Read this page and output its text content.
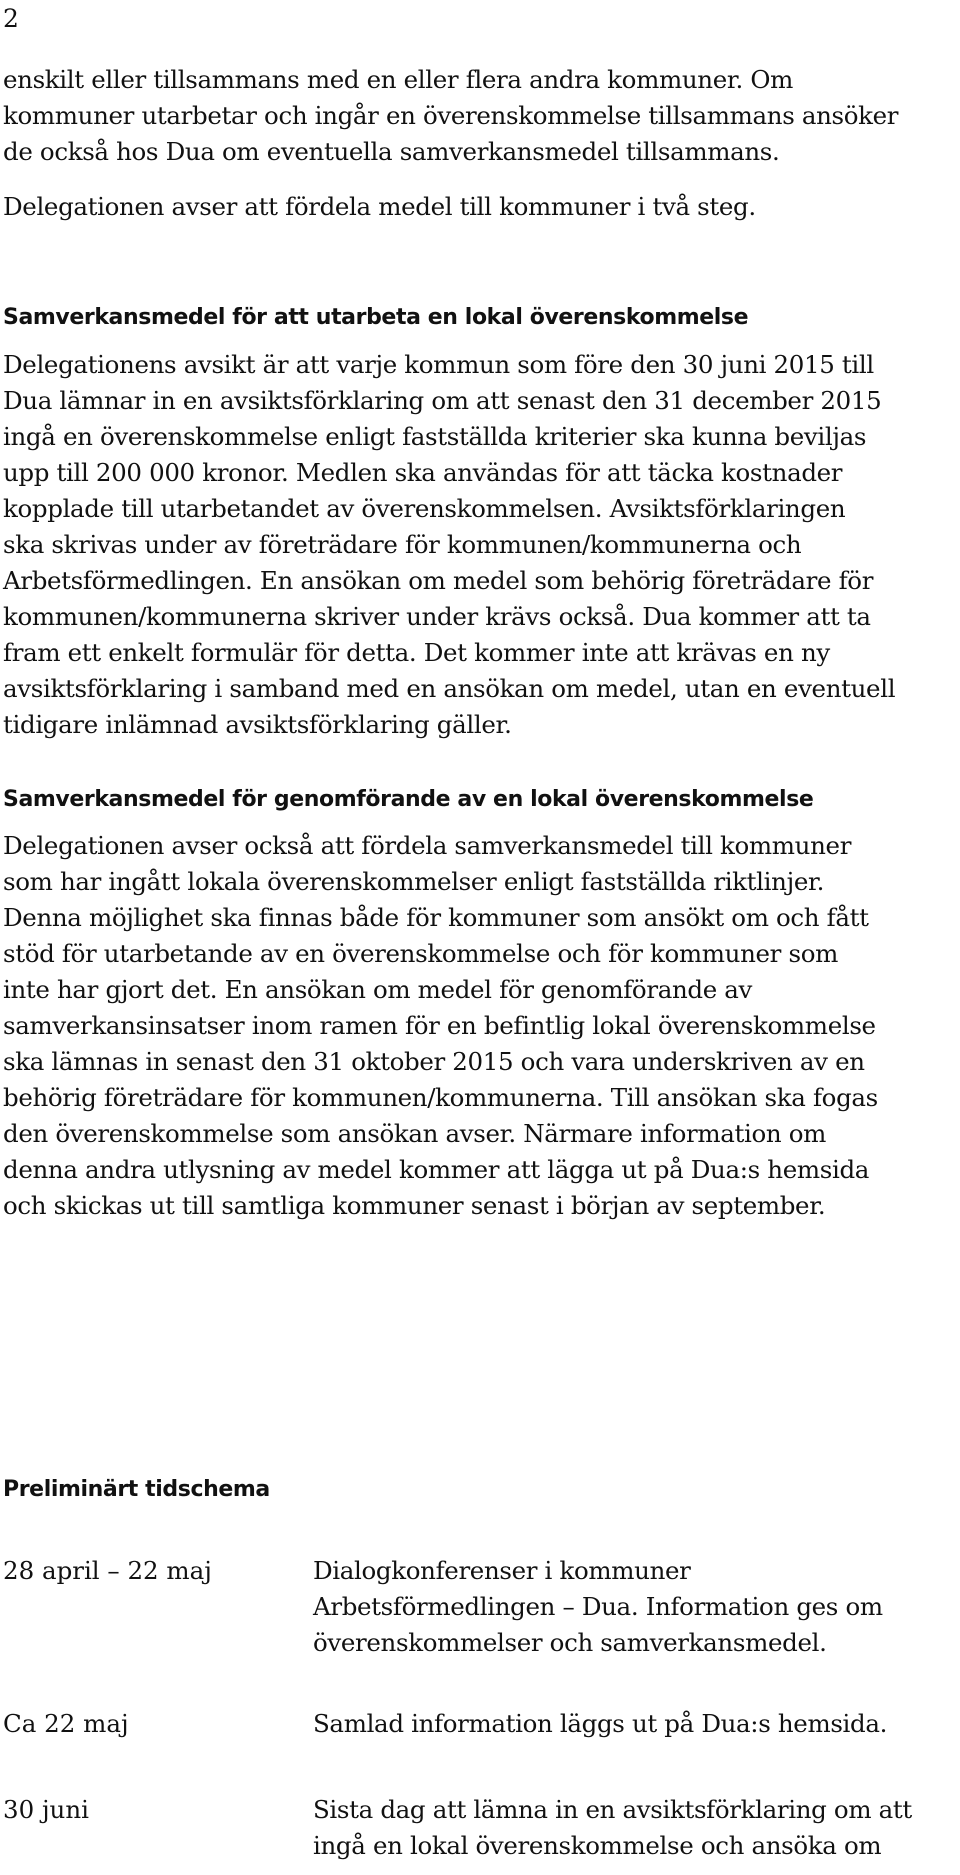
2

enskilt eller tillsammans med en eller flera andra kommuner. Om
kommuner utarbetar och ingår en överenskommelse tillsammans ansöker
de också hos Dua om eventuella samverkansmedel tillsammans.

Delegationen avser att fördela medel till kommuner i två steg.

Samverkansmedel för att utarbeta en lokal överenskommelse

Delegationens avsikt är att varje kommun som före den 30 juni 2015 till
Dua lämnar in en avsiktsförklaring om att senast den 31 december 2015
ingå en överenskommelse enligt fastställda kriterier ska kunna beviljas
upp till 200 000 kronor. Medlen ska användas för att täcka kostnader
kopplade till utarbetandet av överenskommelsen. Avsiktsförklaringen
ska skrivas under av företrädare för kommunen/kommunerna och
Arbetsförmedlingen. En ansökan om medel som behörig företrädare för
kommunen/kommunerna skriver under krävs också. Dua kommer att ta
fram ett enkelt formulär för detta. Det kommer inte att krävas en ny
avsiktsförklaring i samband med en ansökan om medel, utan en eventuell
tidigare inlämnad avsiktsförklaring gäller.

Samverkansmedel för genomförande av en lokal överenskommelse

Delegationen avser också att fördela samverkansmedel till kommuner
som har ingått lokala överenskommelser enligt fastställda riktlinjer.
Denna möjlighet ska finnas både för kommuner som ansökt om och fått
stöd för utarbetande av en överenskommelse och för kommuner som
inte har gjort det. En ansökan om medel för genomförande av
samverkansinsatser inom ramen för en befintlig lokal överenskommelse
ska lämnas in senast den 31 oktober 2015 och vara underskriven av en
behörig företrädare för kommunen/kommunerna. Till ansökan ska fogas
den överenskommelse som ansökan avser. Närmare information om
denna andra utlysning av medel kommer att lägga ut på Dua:s hemsida
och skickas ut till samtliga kommuner senast i början av september.

Preliminärt tidschema
28 april – 22 maj	Dialogkonferenser i kommuner
Arbetsförmedlingen – Dua. Information ges om
överenskommelser och samverkansmedel.
Ca 22 maj	Samlad information läggs ut på Dua:s hemsida.
30 juni	Sista dag att lämna in en avsiktsförklaring om att
ingå en lokal överenskommelse och ansöka om
